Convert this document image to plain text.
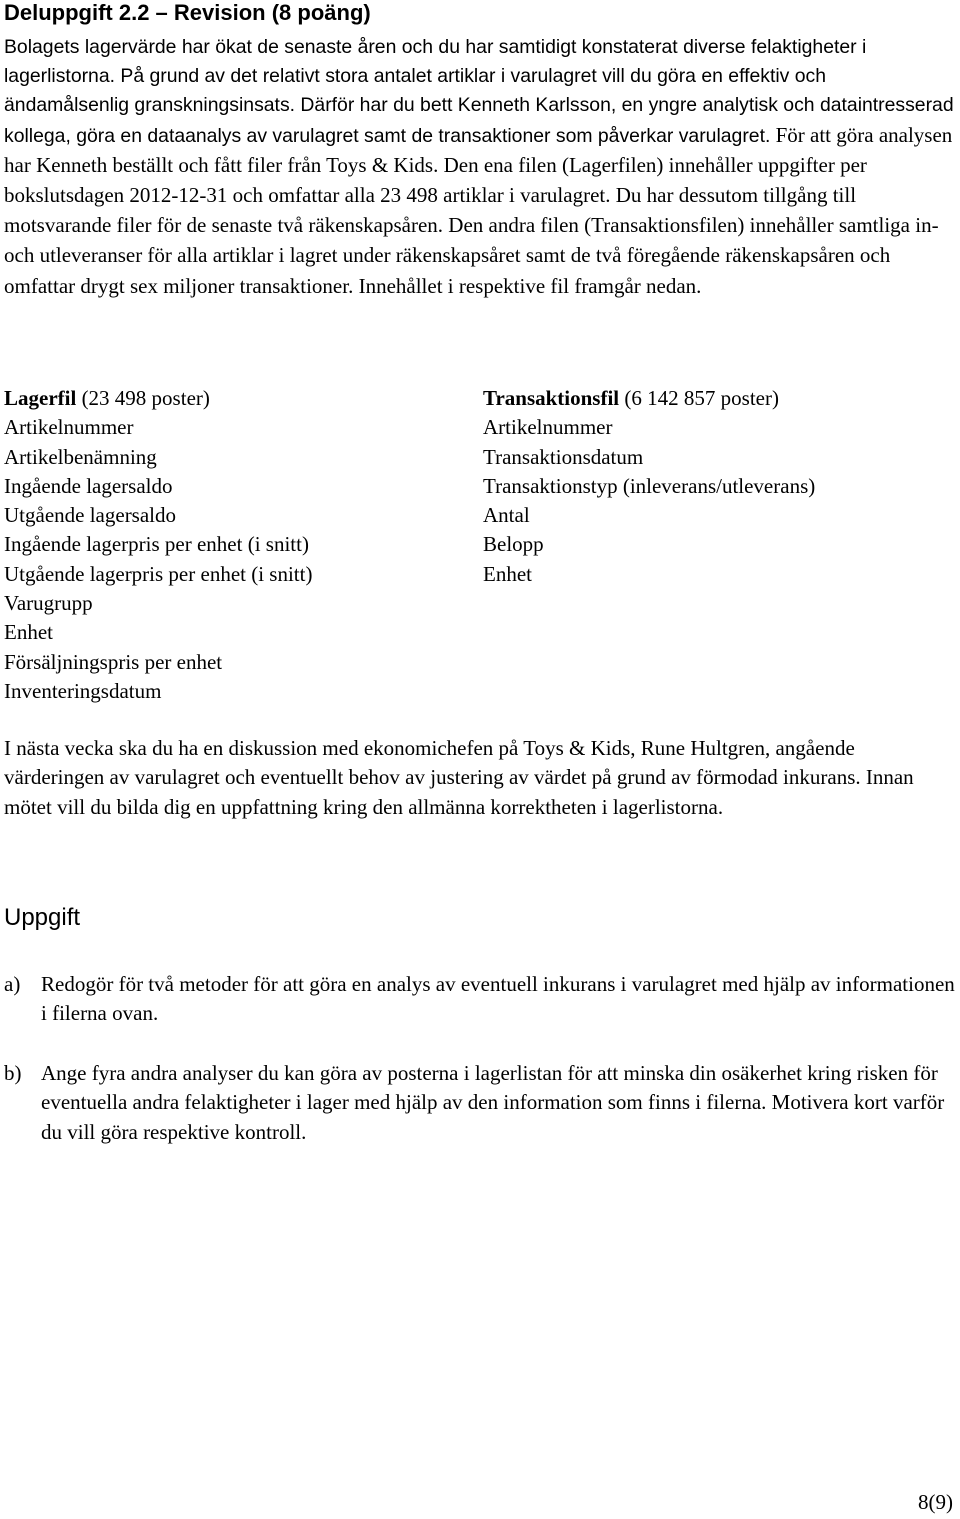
Deluppgift 2.2 – Revision (8 poäng)
Bolagets lagervärde har ökat de senaste åren och du har samtidigt konstaterat diverse felaktigheter i lagerlistorna. På grund av det relativt stora antalet artiklar i varulagret vill du göra en effektiv och ändamålsenlig granskningsinsats. Därför har du bett Kenneth Karlsson, en yngre analytisk och dataintresserad kollega, göra en dataanalys av varulagret samt de transaktioner som påverkar varulagret. För att göra analysen har Kenneth beställt och fått filer från Toys & Kids. Den ena filen (Lagerfilen) innehåller uppgifter per bokslutsdagen 2012-12-31 och omfattar alla 23 498 artiklar i varulagret. Du har dessutom tillgång till motsvarande filer för de senaste två räkenskapsåren. Den andra filen (Transaktionsfilen) innehåller samtliga in- och utleveranser för alla artiklar i lagret under räkenskapsåret samt de två föregående räkenskapsåren och omfattar drygt sex miljoner transaktioner. Innehållet i respektive fil framgår nedan.
Lagerfil (23 498 poster)
Artikelnummer
Artikelbenämning
Ingående lagersaldo
Utgående lagersaldo
Ingående lagerpris per enhet (i snitt)
Utgående lagerpris per enhet (i snitt)
Varugrupp
Enhet
Försäljningspris per enhet
Inventeringsdatum
Transaktionsfil (6 142 857 poster)
Artikelnummer
Transaktionsdatum
Transaktionstyp (inleverans/utleverans)
Antal
Belopp
Enhet
I nästa vecka ska du ha en diskussion med ekonomichefen på Toys & Kids, Rune Hultgren, angående värderingen av varulagret och eventuellt behov av justering av värdet på grund av förmodad inkurans. Innan mötet vill du bilda dig en uppfattning kring den allmänna korrektheten i lagerlistorna.
Uppgift
a) Redogör för två metoder för att göra en analys av eventuell inkurans i varulagret med hjälp av informationen i filerna ovan.
b) Ange fyra andra analyser du kan göra av posterna i lagerlistan för att minska din osäkerhet kring risken för eventuella andra felaktigheter i lager med hjälp av den information som finns i filerna. Motivera kort varför du vill göra respektive kontroll.
8(9)
